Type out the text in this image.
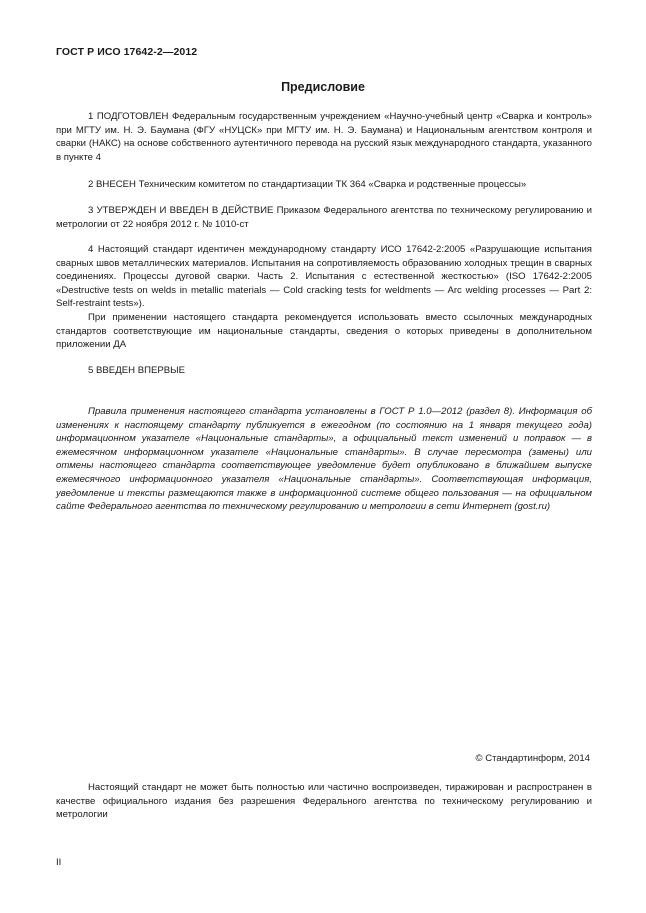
ГОСТ Р ИСО 17642-2—2012
Предисловие

1 ПОДГОТОВЛЕН Федеральным государственным учреждением «Научно-учебный центр «Сварка и контроль» при МГТУ им. Н. Э. Баумана (ФГУ «НУЦСК» при МГТУ им. Н. Э. Баумана) и Национальным агентством контроля и сварки (НАКС) на основе собственного аутентичного перевода на русский язык международного стандарта, указанного в пункте 4

2 ВНЕСЕН Техническим комитетом по стандартизации ТК 364 «Сварка и родственные процессы»

3 УТВЕРЖДЕН И ВВЕДЕН В ДЕЙСТВИЕ Приказом Федерального агентства по техническому регулированию и метрологии от 22 ноября 2012 г. № 1010-ст

4 Настоящий стандарт идентичен международному стандарту ИСО 17642-2:2005 «Разрушающие испытания сварных швов металлических материалов. Испытания на сопротивляемость образованию холодных трещин в сварных соединениях. Процессы дуговой сварки. Часть 2. Испытания с естественной жесткостью» (ISO 17642-2:2005 «Destructive tests on welds in metallic materials — Cold cracking tests for weldments — Arc welding processes — Part 2: Self-restraint tests»).

При применении настоящего стандарта рекомендуется использовать вместо ссылочных международных стандартов соответствующие им национальные стандарты, сведения о которых приведены в дополнительном приложении ДА

5 ВВЕДЕН ВПЕРВЫЕ

Правила применения настоящего стандарта установлены в ГОСТ Р 1.0—2012 (раздел 8). Информация об изменениях к настоящему стандарту публикуется в ежегодном (по состоянию на 1 января текущего года) информационном указателе «Национальные стандарты», а официальный текст изменений и поправок — в ежемесячном информационном указателе «Национальные стандарты». В случае пересмотра (замены) или отмены настоящего стандарта соответствующее уведомление будет опубликовано в ближайшем выпуске ежемесячного информационного указателя «Национальные стандарты». Соответствующая информация, уведомление и тексты размещаются также в информационной системе общего пользования — на официальном сайте Федерального агентства по техническому регулированию и метрологии в сети Интернет (gost.ru)

© Стандартинформ, 2014

Настоящий стандарт не может быть полностью или частично воспроизведен, тиражирован и распространен в качестве официального издания без разрешения Федерального агентства по техническому регулированию и метрологии

II
